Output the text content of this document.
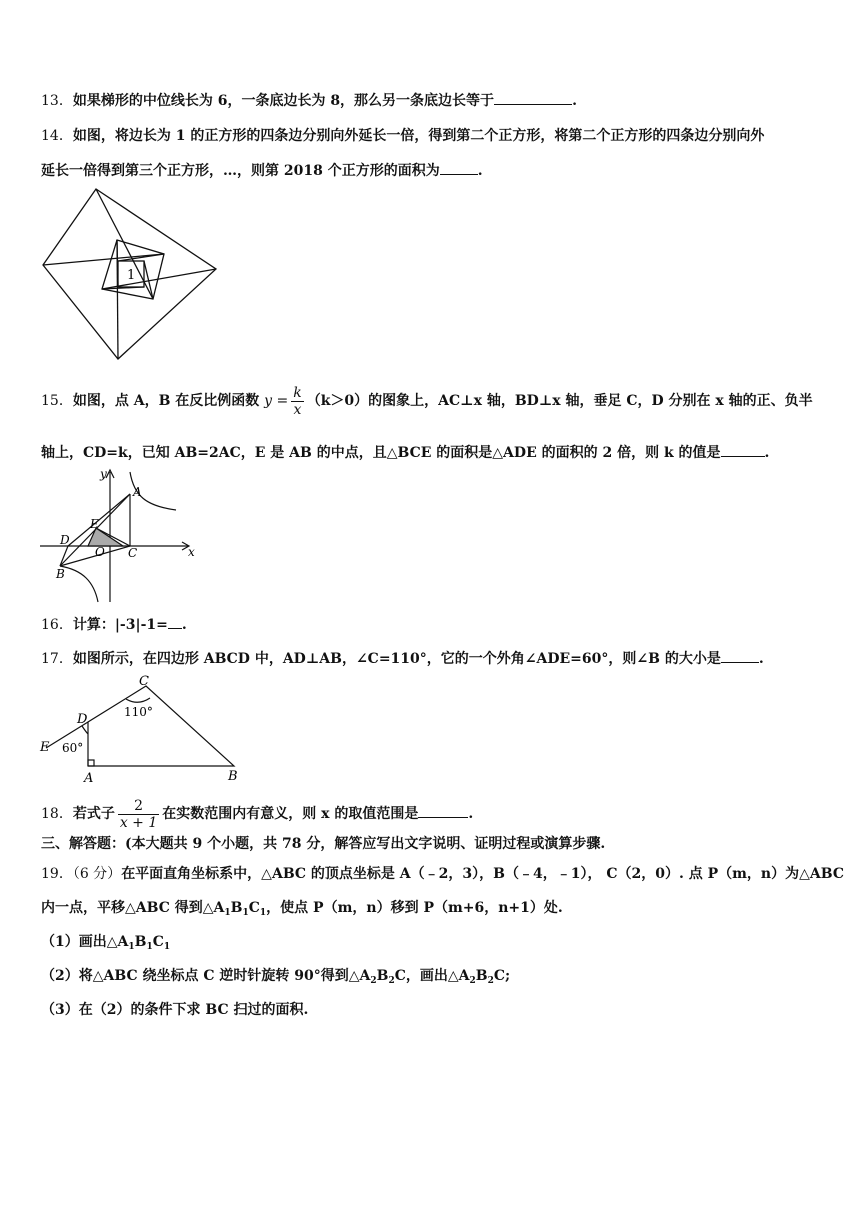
13．如果梯形的中位线长为 6，一条底边长为 8，那么另一条底边长等于	.
14．如图，将边长为 1 的正方形的四条边分别向外延长一倍，得到第二个正方形，将第二个正方形的四条边分别向外
延长一倍得到第三个正方形，…，则第 2018 个正方形的面积为	.
1
15．如图，点 A，B 在反比例函数 $y = \frac{k}{x} (k>0)$的图象上，AC⊥x 轴，BD⊥x 轴，垂足 C，D 分别在 x 轴的正、负半
轴上，CD=k，已知 AB=2AC，E 是 AB 的中点，且△BCE 的面积是△ADE 的面积的 2 倍，则 k 的值是	.
y
x
A
B
C
D
E
O
16．计算：|-3|-1= .
17．如图所示，在四边形 ABCD 中，AD⊥AB，∠C=110°，它的一个外角∠ADE=60°，则∠B 的大小是	.
C
D
E
A	B
110°
60°
18．若式子 $\frac{2}{x + 1}$ 在实数范围内有意义，则 x 的取值范围是	.
三、解答题：(本大题共 9 个小题，共 78 分，解答应写出文字说明、证明过程或演算步骤.
19．（6 分）在平面直角坐标系中，△ABC 的顶点坐标是 A（﹣2，3），B（﹣4，﹣1）， C（2，0）. 点 P（m，n）为△ABC
内一点，平移△ABC 得到$\triangle A_1B_1C_1$，使点 P（m，n）移到 P（m+6，n+1）处.
（1）画出$\triangle A_1B_1C_1$
（2）将△ABC 绕坐标点 C 逆时针旋转 90°得到$\triangle A_2B_2C$，画出$\triangle A_2B_2C$;
（3）在（2）的条件下求 BC 扫过的面积.
